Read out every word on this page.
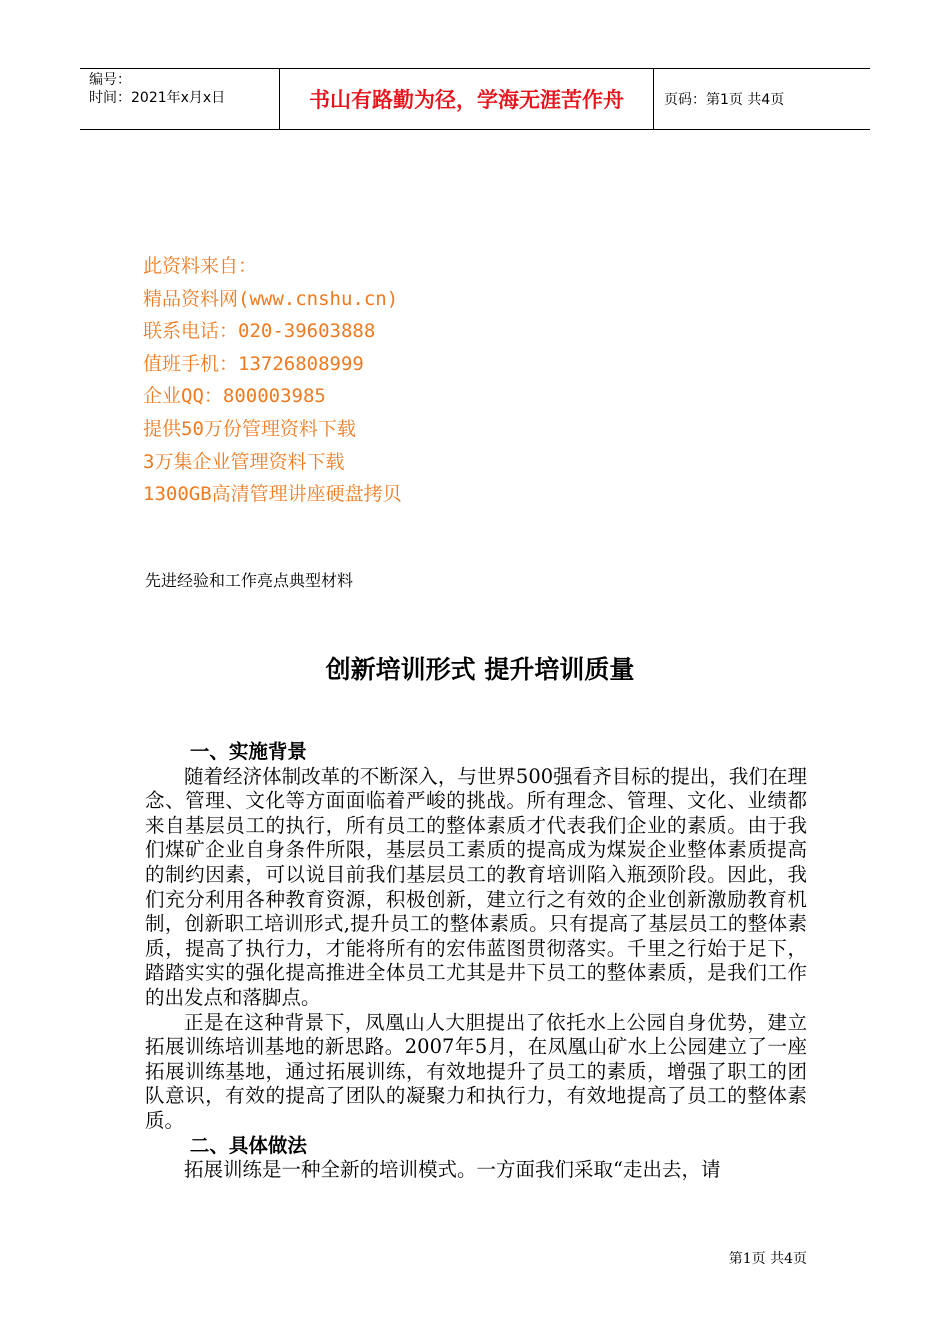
编号：
时间：2021年x月x日	书山有路勤为径，学海无涯苦作舟	页码：第1页 共4页
此资料来自：
精品资料网(www.cnshu.cn)
联系电话：020-39603888
值班手机：13726808999
企业QQ：800003985
提供50万份管理资料下载
3万集企业管理资料下载
1300GB高清管理讲座硬盘拷贝
先进经验和工作亮点典型材料
创新培训形式 提升培训质量
一、实施背景

随着经济体制改革的不断深入，与世界500强看齐目标的提出，我们在理念、管理、文化等方面面临着严峻的挑战。所有理念、管理、文化、业绩都来自基层员工的执行，所有员工的整体素质才代表我们企业的素质。由于我们煤矿企业自身条件所限，基层员工素质的提高成为煤炭企业整体素质提高的制约因素，可以说目前我们基层员工的教育培训陷入瓶颈阶段。因此，我们充分利用各种教育资源，积极创新，建立行之有效的企业创新激励教育机制，创新职工培训形式,提升员工的整体素质。只有提高了基层员工的整体素质，提高了执行力，才能将所有的宏伟蓝图贯彻落实。千里之行始于足下，踏踏实实的强化提高推进全体员工尤其是井下员工的整体素质，是我们工作的出发点和落脚点。

正是在这种背景下，凤凰山人大胆提出了依托水上公园自身优势，建立拓展训练培训基地的新思路。2007年5月，在凤凰山矿水上公园建立了一座拓展训练基地，通过拓展训练，有效地提升了员工的素质，增强了职工的团队意识，有效的提高了团队的凝聚力和执行力，有效地提高了员工的整体素质。

二、具体做法

拓展训练是一种全新的培训模式。一方面我们采取“走出去，请

第1页 共4页
